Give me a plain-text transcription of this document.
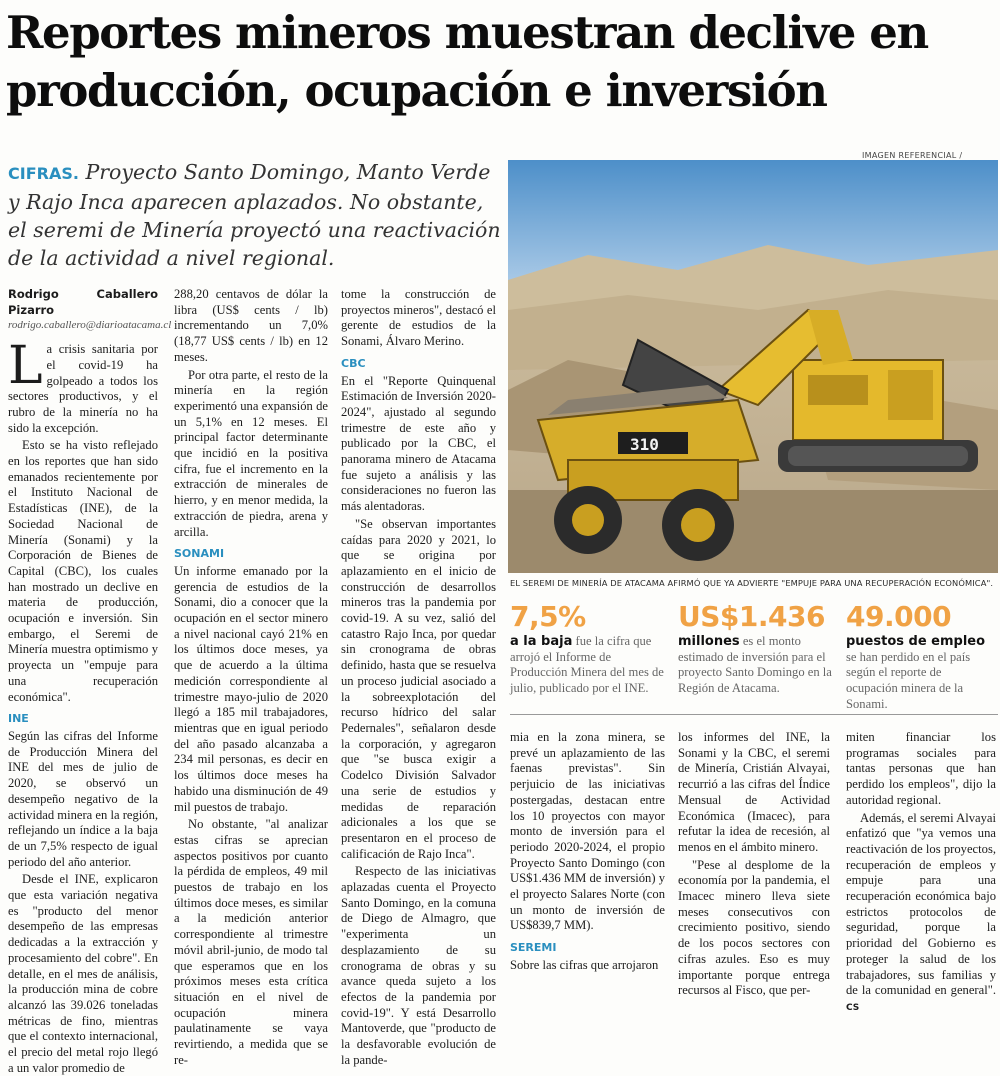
Reportes mineros muestran declive en producción, ocupación e inversión
CIFRAS. Proyecto Santo Domingo, Manto Verde y Rajo Inca aparecen aplazados. No obstante, el seremi de Minería proyectó una reactivación de la actividad a nivel regional.
Rodrigo Caballero Pizarro
rodrigo.caballero@diarioatacama.cl

La crisis sanitaria por el covid-19 ha golpeado a todos los sectores productivos, y el rubro de la minería no ha sido la excepción.

Esto se ha visto reflejado en los reportes que han sido emanados recientemente por el Instituto Nacional de Estadísticas (INE), de la Sociedad Nacional de Minería (Sonami) y la Corporación de Bienes de Capital (CBC), los cuales han mostrado un declive en materia de producción, ocupación e inversión. Sin embargo, el Seremi de Minería muestra optimismo y proyecta un "empuje para una recuperación económica".

INE

Según las cifras del Informe de Producción Minera del INE del mes de julio de 2020, se observó un desempeño negativo de la actividad minera en la región, reflejando un índice a la baja de un 7,5% respecto de igual periodo del año anterior.

Desde el INE, explicaron que esta variación negativa es "producto del menor desempeño de las empresas dedicadas a la extracción y procesamiento del cobre". En detalle, en el mes de análisis, la producción mina de cobre alcanzó las 39.026 toneladas métricas de fino, mientras que el contexto internacional, el precio del metal rojo llegó a un valor promedio de

288,20 centavos de dólar la libra (US$ cents / lb) incrementando un 7,0% (18,77 US$ cents / lb) en 12 meses.

Por otra parte, el resto de la minería en la región experimentó una expansión de un 5,1% en 12 meses. El principal factor determinante que incidió en la positiva cifra, fue el incremento en la extracción de minerales de hierro, y en menor medida, la extracción de piedra, arena y arcilla.

SONAMI

Un informe emanado por la gerencia de estudios de la Sonami, dio a conocer que la ocupación en el sector minero a nivel nacional cayó 21% en los últimos doce meses, ya que de acuerdo a la última medición correspondiente al trimestre mayo-julio de 2020 llegó a 185 mil trabajadores, mientras que en igual periodo del año pasado alcanzaba a 234 mil personas, es decir en los últimos doce meses ha habido una disminución de 49 mil puestos de trabajo.

No obstante, "al analizar estas cifras se aprecian aspectos positivos por cuanto la pérdida de empleos, 49 mil puestos de trabajo en los últimos doce meses, es similar a la medición anterior correspondiente al trimestre móvil abril-junio, de modo tal que esperamos que en los próximos meses esta crítica situación en el nivel de ocupación minera paulatinamente se vaya revirtiendo, a medida que se re-

tome la construcción de proyectos mineros", destacó el gerente de estudios de la Sonami, Álvaro Merino.

CBC

En el "Reporte Quinquenal Estimación de Inversión 2020-2024", ajustado al segundo trimestre de este año y publicado por la CBC, el panorama minero de Atacama fue sujeto a análisis y las consideraciones no fueron las más alentadoras.

"Se observan importantes caídas para 2020 y 2021, lo que se origina por aplazamiento en el inicio de construcción de desarrollos mineros tras la pandemia por covid-19. A su vez, salió del catastro Rajo Inca, por quedar sin cronograma de obras definido, hasta que se resuelva un proceso judicial asociado a la sobreexplotación del recurso hídrico del salar Pedernales", señalaron desde la corporación, y agregaron que "se busca exigir a Codelco División Salvador una serie de estudios y medidas de reparación adicionales a los que se presentaron en el proceso de calificación de Rajo Inca".

Respecto de las iniciativas aplazadas cuenta el Proyecto Santo Domingo, en la comuna de Diego de Almagro, que "experimenta un desplazamiento de su cronograma de obras y su avance queda sujeto a los efectos de la pandemia por covid-19". Y está Desarrollo Mantoverde, que "producto de la desfavorable evolución de la pande-

IMAGEN REFERENCIAL /
310
EL SEREMI DE MINERÍA DE ATACAMA AFIRMÓ QUE YA ADVIERTE "EMPUJE PARA UNA RECUPERACIÓN ECONÓMICA".
7,5%
a la baja fue la cifra que arrojó el Informe de Producción Minera del mes de julio, publicado por el INE.
US$1.436
millones es el monto estimado de inversión para el proyecto Santo Domingo en la Región de Atacama.
49.000
puestos de empleo se han perdido en el país según el reporte de ocupación minera de la Sonami.

mia en la zona minera, se prevé un aplazamiento de las faenas previstas". Sin perjuicio de las iniciativas postergadas, destacan entre los 10 proyectos con mayor monto de inversión para el periodo 2020-2024, el propio Proyecto Santo Domingo (con US$1.436 MM de inversión) y el proyecto Salares Norte (con un monto de inversión de US$839,7 MM).

SEREMI

Sobre las cifras que arrojaron

los informes del INE, la Sonami y la CBC, el seremi de Minería, Cristián Alvayai, recurrió a las cifras del Índice Mensual de Actividad Económica (Imacec), para refutar la idea de recesión, al menos en el ámbito minero.

"Pese al desplome de la economía por la pandemia, el Imacec minero lleva siete meses consecutivos con crecimiento positivo, siendo de los pocos sectores con cifras azules. Eso es muy importante porque entrega recursos al Fisco, que per-

miten financiar los programas sociales para tantas personas que han perdido los empleos", dijo la autoridad regional.

Además, el seremi Alvayai enfatizó que "ya vemos una reactivación de los proyectos, recuperación de empleos y empuje para una recuperación económica bajo estrictos protocolos de seguridad, porque la prioridad del Gobierno es proteger la salud de los trabajadores, sus familias y de la comunidad en general". CS
